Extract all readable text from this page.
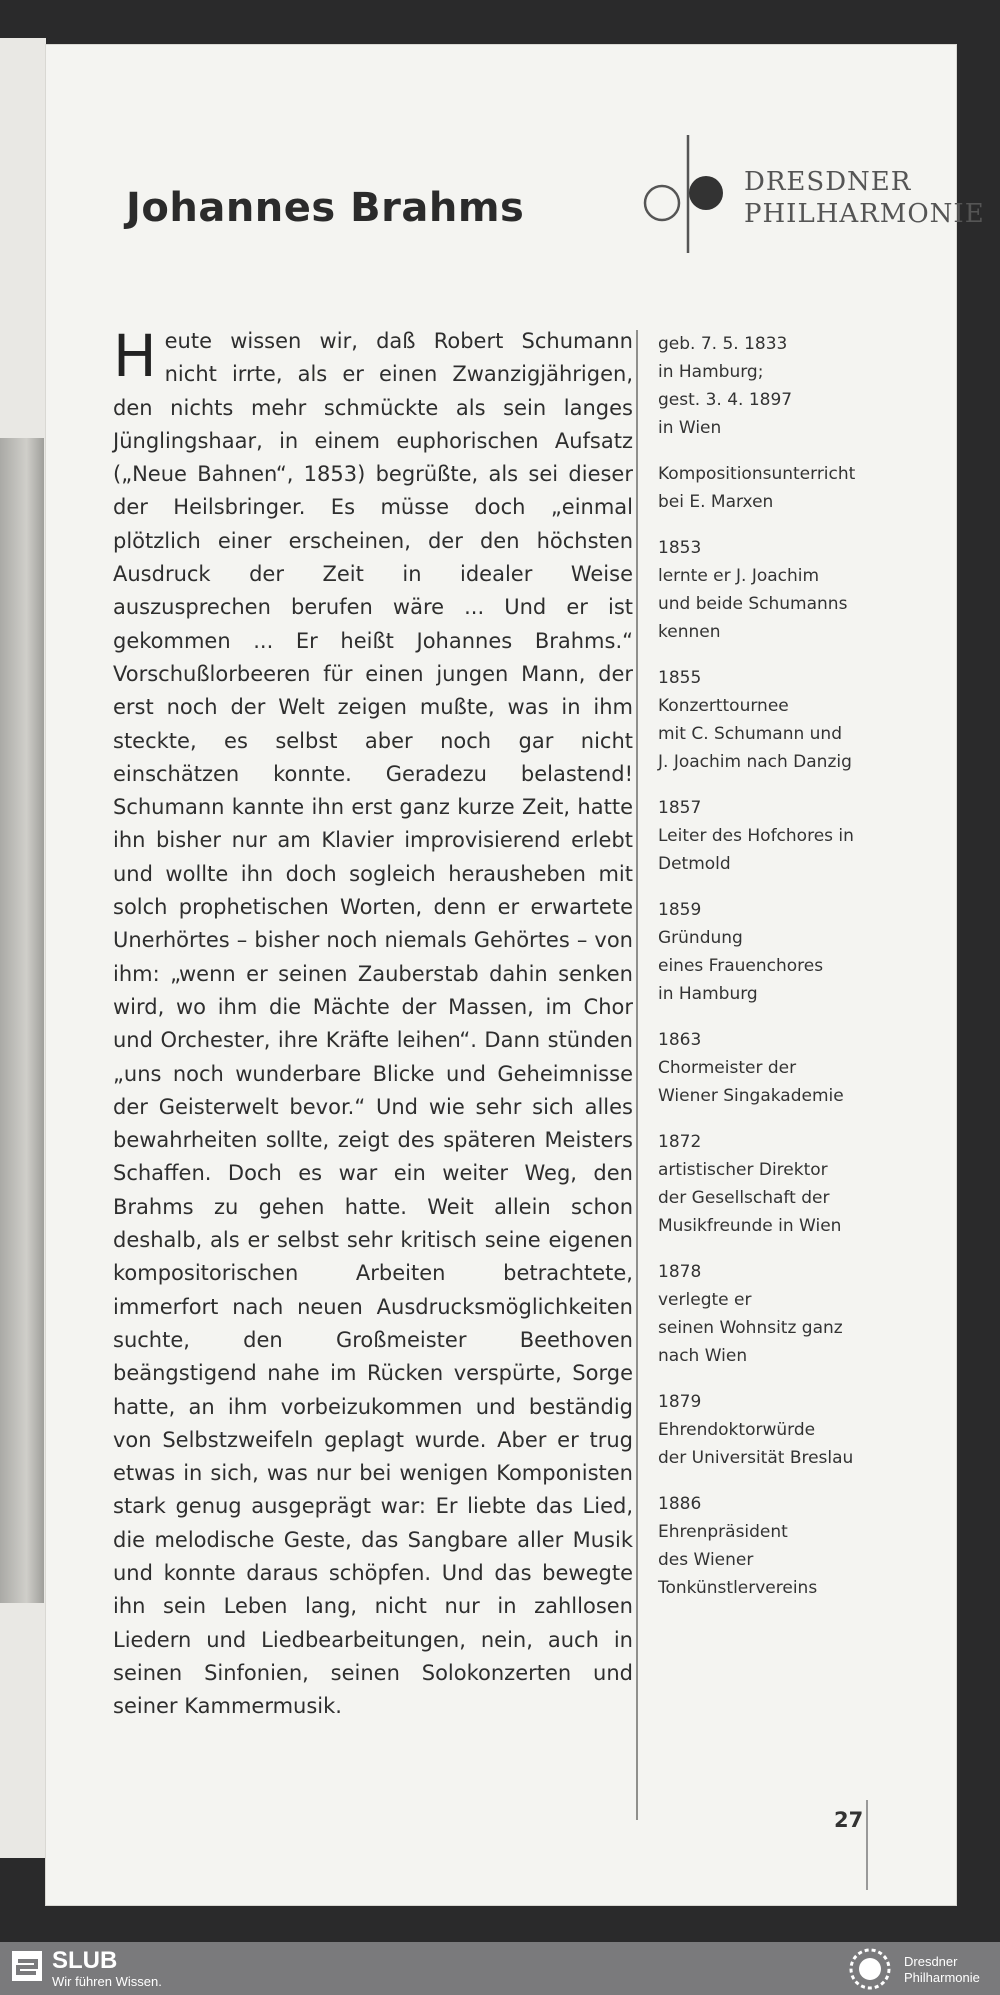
DRESDNER
PHILHARMONIE
Johannes Brahms

Heute wissen wir, daß Robert Schumann nicht irrte, als er einen Zwanzigjährigen, den nichts mehr schmückte als sein langes Jünglingshaar, in einem euphorischen Aufsatz („Neue Bahnen“, 1853) begrüßte, als sei dieser der Heilsbringer. Es müsse doch „einmal plötzlich einer erscheinen, der den höchsten Ausdruck der Zeit in idealer Weise auszusprechen berufen wäre ... Und er ist gekommen ... Er heißt Johannes Brahms.“ Vorschußlorbeeren für einen jungen Mann, der erst noch der Welt zeigen mußte, was in ihm steckte, es selbst aber noch gar nicht einschätzen konnte. Geradezu belastend! Schumann kannte ihn erst ganz kurze Zeit, hatte ihn bisher nur am Klavier improvisierend erlebt und wollte ihn doch sogleich herausheben mit solch prophetischen Worten, denn er erwartete Unerhörtes – bisher noch niemals Gehörtes – von ihm: „wenn er seinen Zauberstab dahin senken wird, wo ihm die Mächte der Massen, im Chor und Orchester, ihre Kräfte leihen“. Dann stünden „uns noch wunderbare Blicke und Geheimnisse der Geisterwelt bevor.“ Und wie sehr sich alles bewahrheiten sollte, zeigt des späteren Meisters Schaffen. Doch es war ein weiter Weg, den Brahms zu gehen hatte. Weit allein schon deshalb, als er selbst sehr kritisch seine eigenen kompositorischen Arbeiten betrachtete, immerfort nach neuen Ausdrucksmöglichkeiten suchte, den Großmeister Beethoven beängstigend nahe im Rücken verspürte, Sorge hatte, an ihm vorbeizukommen und beständig von Selbstzweifeln geplagt wurde. Aber er trug etwas in sich, was nur bei wenigen Komponisten stark genug ausgeprägt war: Er liebte das Lied, die melodische Geste, das Sangbare aller Musik und konnte daraus schöpfen. Und das bewegte ihn sein Leben lang, nicht nur in zahllosen Liedern und Liedbearbeitungen, nein, auch in seinen Sinfonien, seinen Solokonzerten und seiner Kammermusik.

geb. 7. 5. 1833
in Hamburg;
gest. 3. 4. 1897
in Wien
Kompositionsunterricht
bei E. Marxen
1853
lernte er J. Joachim
und beide Schumanns
kennen
1855
Konzerttournee
mit C. Schumann und
J. Joachim nach Danzig
1857
Leiter des Hofchores in
Detmold
1859
Gründung
eines Frauenchores
in Hamburg
1863
Chormeister der
Wiener Singakademie
1872
artistischer Direktor
der Gesellschaft der
Musikfreunde in Wien
1878
verlegte er
seinen Wohnsitz ganz
nach Wien
1879
Ehrendoktorwürde
der Universität Breslau
1886
Ehrenpräsident
des Wiener
Tonkünstlervereins
27
SLUB
Wir führen Wissen.
Dresdner
Philharmonie
